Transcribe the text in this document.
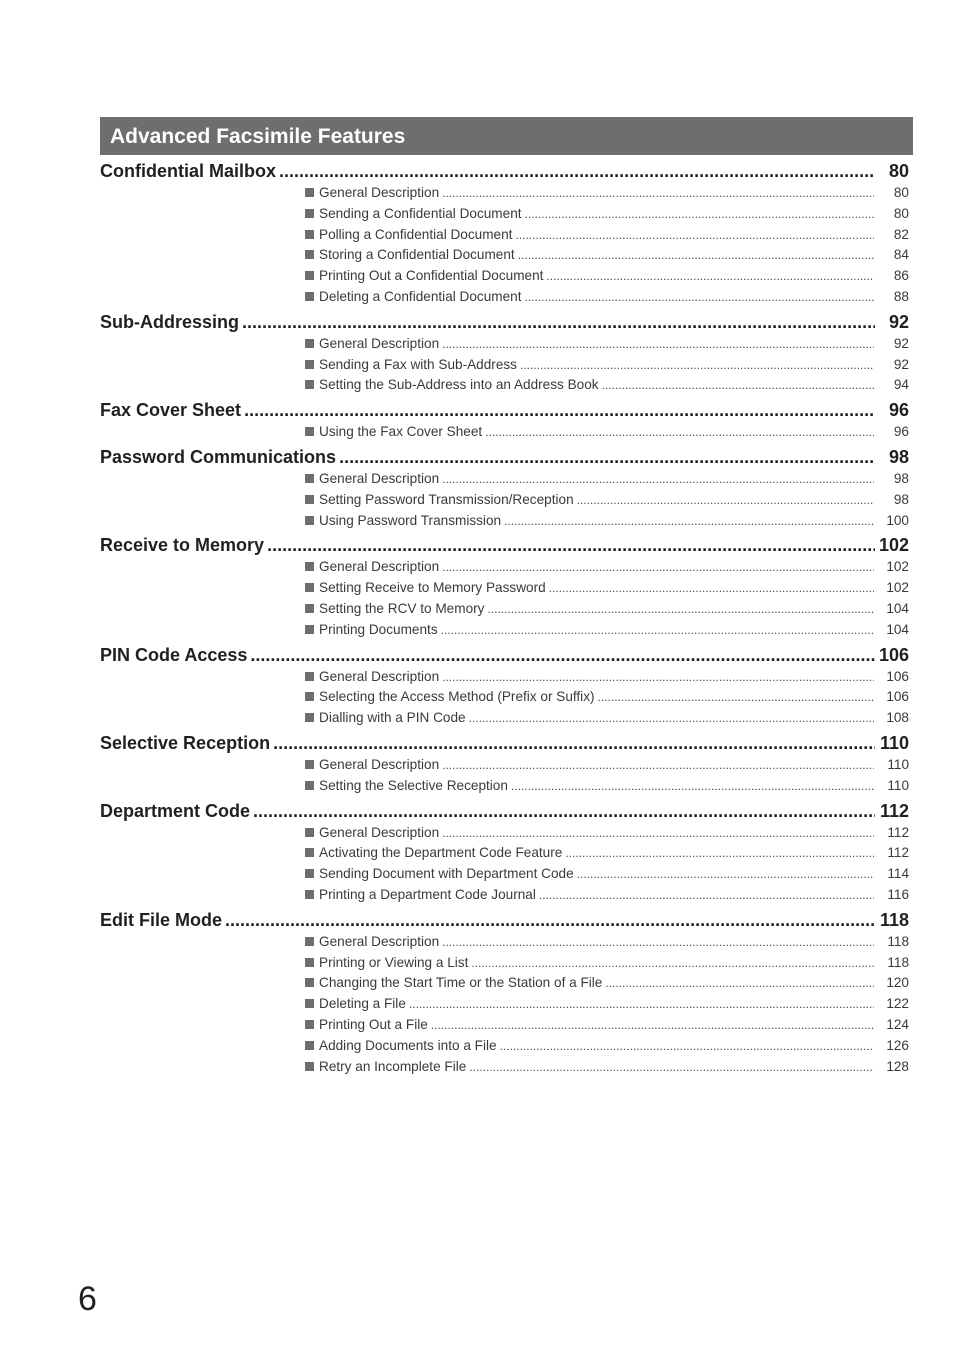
Advanced Facsimile Features
Confidential Mailbox .....	80
General Description .....	80
Sending a Confidential Document .....	80
Polling a Confidential Document .....	82
Storing a Confidential Document .....	84
Printing Out a Confidential Document .....	86
Deleting a Confidential Document .....	88
Sub-Addressing .....	92
General Description .....	92
Sending a Fax with Sub-Address .....	92
Setting the Sub-Address into an Address Book .....	94
Fax Cover Sheet .....	96
Using the Fax Cover Sheet .....	96
Password Communications .....	98
General Description .....	98
Setting Password Transmission/Reception .....	98
Using Password Transmission .....	100
Receive to Memory .....	102
General Description .....	102
Setting Receive to Memory Password .....	102
Setting the RCV to Memory .....	104
Printing Documents .....	104
PIN Code Access .....	106
General Description .....	106
Selecting the Access Method (Prefix or Suffix) .....	106
Dialling with a PIN Code .....	108
Selective Reception .....	110
General Description .....	110
Setting the Selective Reception .....	110
Department Code .....	112
General Description .....	112
Activating the Department Code Feature .....	112
Sending Document with Department Code .....	114
Printing a Department Code Journal .....	116
Edit File Mode .....	118
General Description .....	118
Printing or Viewing a List .....	118
Changing the Start Time or the Station of a File .....	120
Deleting a File .....	122
Printing Out a File .....	124
Adding Documents into a File .....	126
Retry an Incomplete File .....	128
6
